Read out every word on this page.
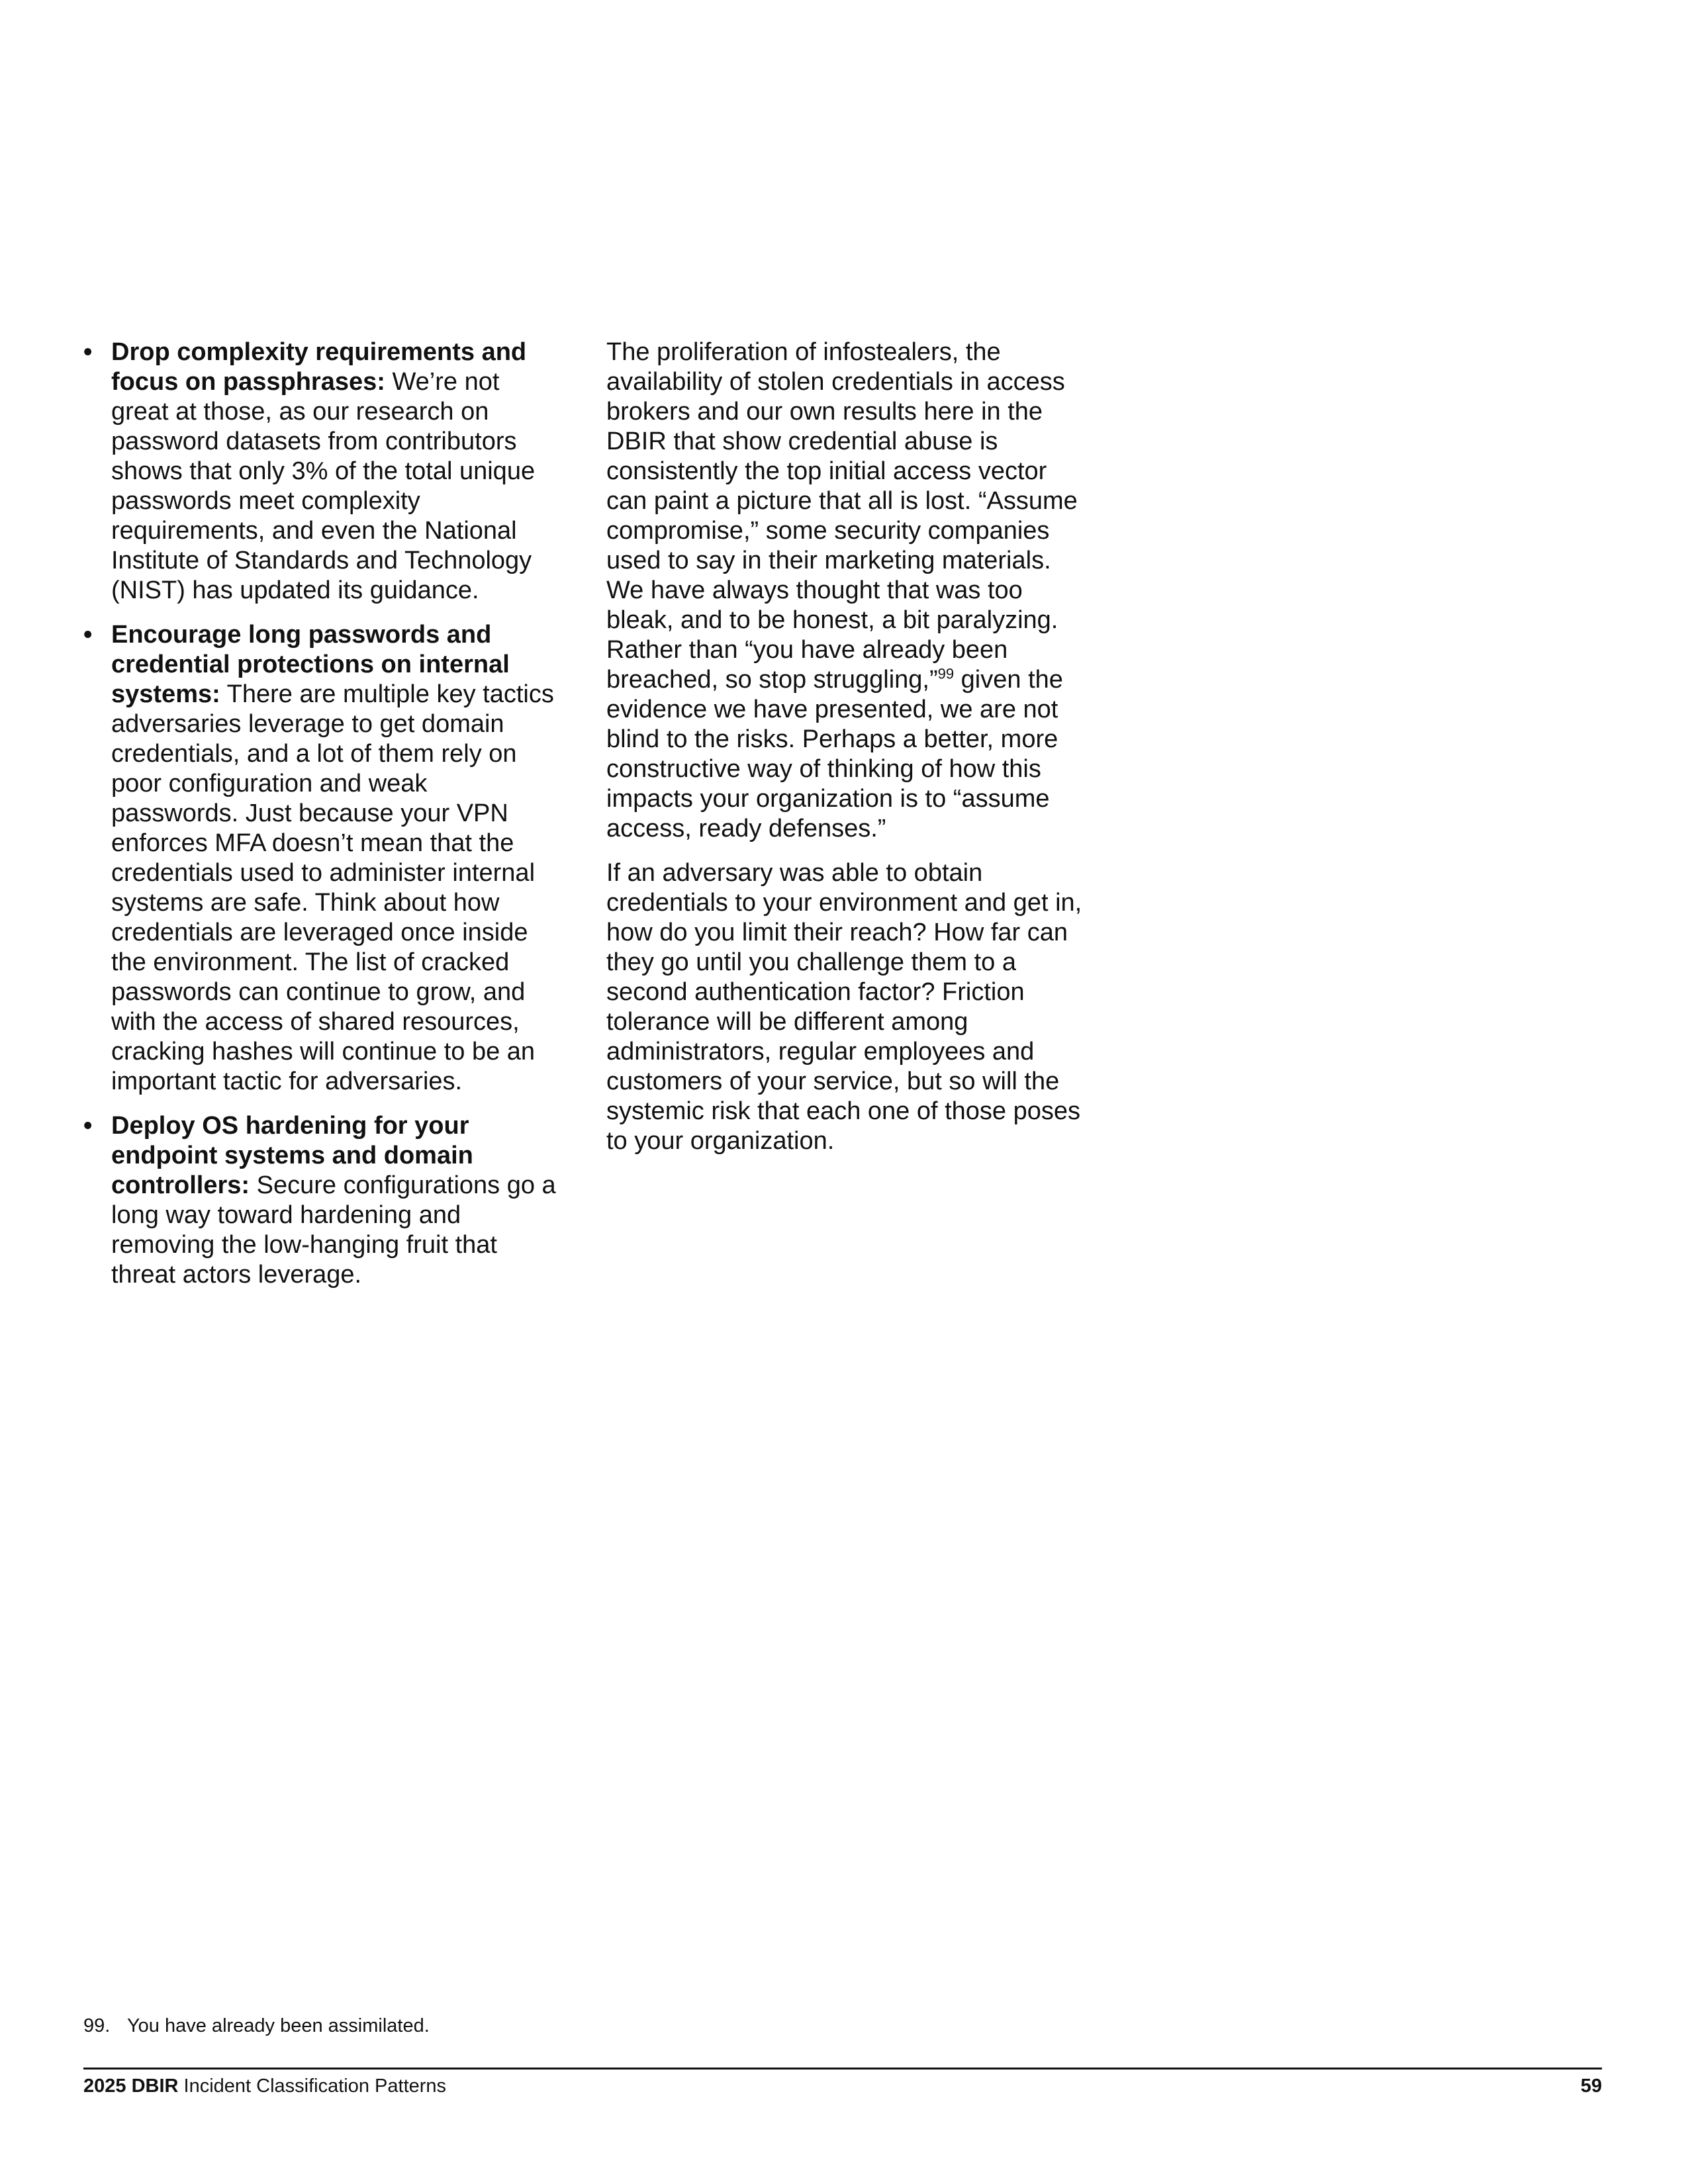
• Drop complexity requirements and focus on passphrases: We’re not great at those, as our research on password datasets from contributors shows that only 3% of the total unique passwords meet complexity requirements, and even the National Institute of Standards and Technology (NIST) has updated its guidance.
• Encourage long passwords and credential protections on internal systems: There are multiple key tactics adversaries leverage to get domain credentials, and a lot of them rely on poor configuration and weak passwords. Just because your VPN enforces MFA doesn’t mean that the credentials used to administer internal systems are safe. Think about how credentials are leveraged once inside the environment. The list of cracked passwords can continue to grow, and with the access of shared resources, cracking hashes will continue to be an important tactic for adversaries.
• Deploy OS hardening for your endpoint systems and domain controllers: Secure configurations go a long way toward hardening and removing the low-hanging fruit that threat actors leverage.

The proliferation of infostealers, the availability of stolen credentials in access brokers and our own results here in the DBIR that show credential abuse is consistently the top initial access vector can paint a picture that all is lost. “Assume compromise,” some security companies used to say in their marketing materials. We have always thought that was too bleak, and to be honest, a bit paralyzing. Rather than “you have already been breached, so stop struggling,”$^{99}$ given the evidence we have presented, we are not blind to the risks. Perhaps a better, more constructive way of thinking of how this impacts your organization is to “assume access, ready defenses.”

If an adversary was able to obtain credentials to your environment and get in, how do you limit their reach? How far can they go until you challenge them to a second authentication factor? Friction tolerance will be different among administrators, regular employees and customers of your service, but so will the systemic risk that each one of those poses to your organization.

99. You have already been assimilated.
2025 DBIR Incident Classification Patterns	59
